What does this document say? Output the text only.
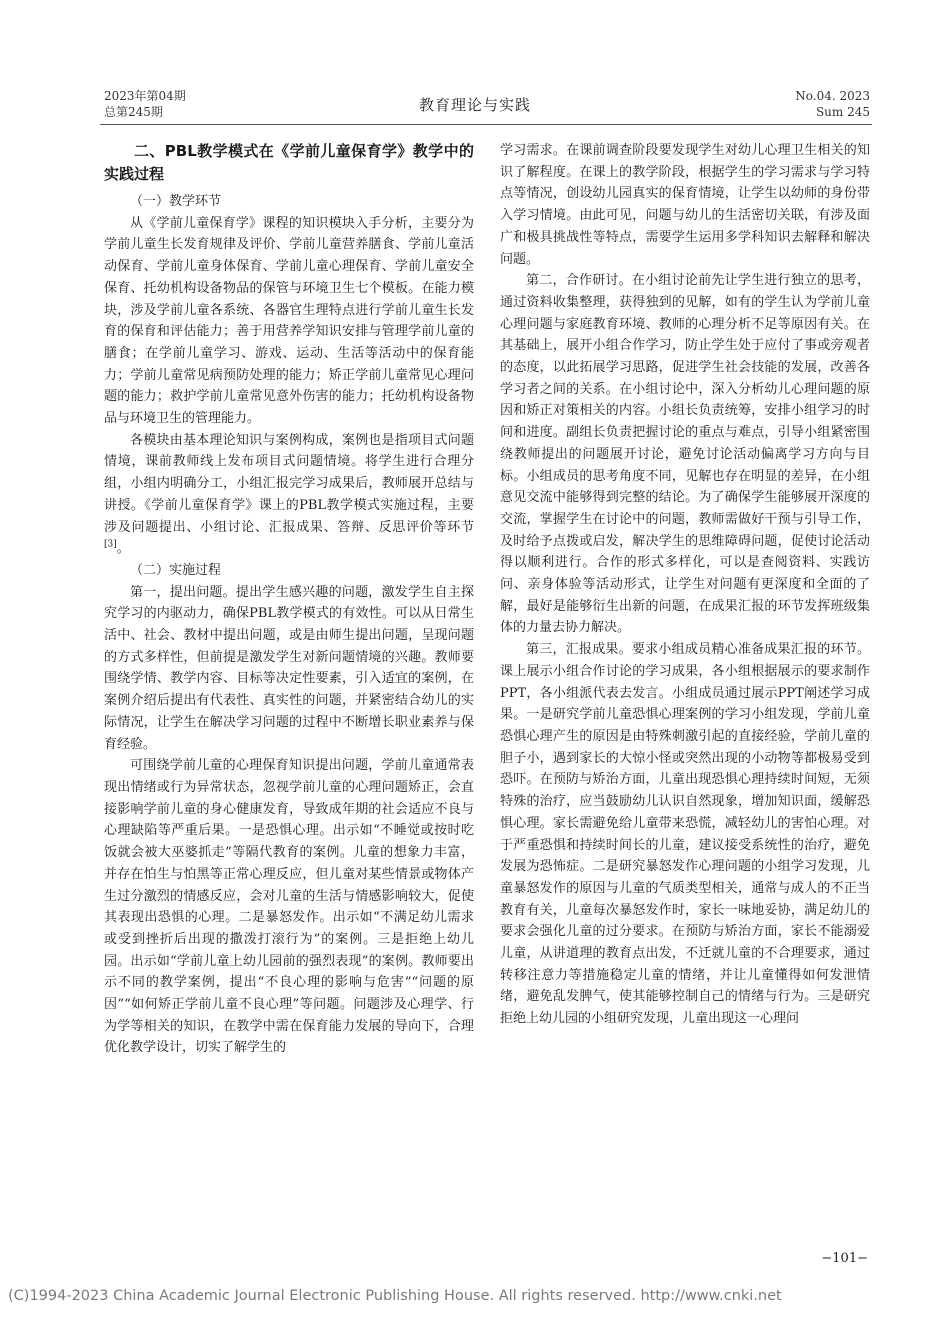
2023年第04期
总第245期	教育理论与实践	No.04. 2023
Sum 245
二、PBL教学模式在《学前儿童保育学》教学中的实践过程

（一）教学环节

从《学前儿童保育学》课程的知识模块入手分析，主要分为学前儿童生长发育规律及评价、学前儿童营养膳食、学前儿童活动保育、学前儿童身体保育、学前儿童心理保育、学前儿童安全保育、托幼机构设备物品的保管与环境卫生七个模板。在能力模块，涉及学前儿童各系统、各器官生理特点进行学前儿童生长发育的保育和评估能力；善于用营养学知识安排与管理学前儿童的膳食；在学前儿童学习、游戏、运动、生活等活动中的保育能力；学前儿童常见病预防处理的能力；矫正学前儿童常见心理问题的能力；救护学前儿童常见意外伤害的能力；托幼机构设备物品与环境卫生的管理能力。

各模块由基本理论知识与案例构成，案例也是指项目式问题情境，课前教师线上发布项目式问题情境。将学生进行合理分组，小组内明确分工，小组汇报完学习成果后，教师展开总结与讲授。《学前儿童保育学》课上的PBL教学模式实施过程，主要涉及问题提出、小组讨论、汇报成果、答辩、反思评价等环节[3]。

（二）实施过程

第一，提出问题。提出学生感兴趣的问题，激发学生自主探究学习的内驱动力，确保PBL教学模式的有效性。可以从日常生活中、社会、教材中提出问题，或是由师生提出问题，呈现问题的方式多样性，但前提是激发学生对新问题情境的兴趣。教师要围绕学情、教学内容、目标等决定性要素，引入适宜的案例，在案例介绍后提出有代表性、真实性的问题，并紧密结合幼儿的实际情况，让学生在解决学习问题的过程中不断增长职业素养与保育经验。

可围绕学前儿童的心理保育知识提出问题，学前儿童通常表现出情绪或行为异常状态，忽视学前儿童的心理问题矫正，会直接影响学前儿童的身心健康发育，导致成年期的社会适应不良与心理缺陷等严重后果。一是恐惧心理。出示如“不睡觉或按时吃饭就会被大巫婆抓走”等隔代教育的案例。儿童的想象力丰富，并存在怕生与怕黑等正常心理反应，但儿童对某些情景或物体产生过分激烈的情感反应，会对儿童的生活与情感影响较大，促使其表现出恐惧的心理。二是暴怒发作。出示如“不满足幼儿需求或受到挫折后出现的撒泼打滚行为”的案例。三是拒绝上幼儿园。出示如“学前儿童上幼儿园前的强烈表现”的案例。教师要出示不同的教学案例，提出“不良心理的影响与危害”“问题的原因”“如何矫正学前儿童不良心理”等问题。问题涉及心理学、行为学等相关的知识，在教学中需在保育能力发展的导向下，合理优化教学设计，切实了解学生的

学习需求。在课前调查阶段要发现学生对幼儿心理卫生相关的知识了解程度。在课上的教学阶段，根据学生的学习需求与学习特点等情况，创设幼儿园真实的保育情境，让学生以幼师的身份带入学习情境。由此可见，问题与幼儿的生活密切关联，有涉及面广和极具挑战性等特点，需要学生运用多学科知识去解释和解决问题。

第二，合作研讨。在小组讨论前先让学生进行独立的思考，通过资料收集整理，获得独到的见解，如有的学生认为学前儿童心理问题与家庭教育环境、教师的心理分析不足等原因有关。在其基础上，展开小组合作学习，防止学生处于应付了事或旁观者的态度，以此拓展学习思路，促进学生社会技能的发展，改善各学习者之间的关系。在小组讨论中，深入分析幼儿心理问题的原因和矫正对策相关的内容。小组长负责统筹，安排小组学习的时间和进度。副组长负责把握讨论的重点与难点，引导小组紧密围绕教师提出的问题展开讨论，避免讨论活动偏离学习方向与目标。小组成员的思考角度不同，见解也存在明显的差异，在小组意见交流中能够得到完整的结论。为了确保学生能够展开深度的交流，掌握学生在讨论中的问题，教师需做好干预与引导工作，及时给予点拨或启发，解决学生的思维障碍问题，促使讨论活动得以顺利进行。合作的形式多样化，可以是查阅资料、实践访问、亲身体验等活动形式，让学生对问题有更深度和全面的了解，最好是能够衍生出新的问题，在成果汇报的环节发挥班级集体的力量去协力解决。

第三，汇报成果。要求小组成员精心准备成果汇报的环节。课上展示小组合作讨论的学习成果，各小组根据展示的要求制作PPT，各小组派代表去发言。小组成员通过展示PPT阐述学习成果。一是研究学前儿童恐惧心理案例的学习小组发现，学前儿童恐惧心理产生的原因是由特殊刺激引起的直接经验，学前儿童的胆子小，遇到家长的大惊小怪或突然出现的小动物等都极易受到恐吓。在预防与矫治方面，儿童出现恐惧心理持续时间短，无须特殊的治疗，应当鼓励幼儿认识自然现象，增加知识面，缓解恐惧心理。家长需避免给儿童带来恐慌，减轻幼儿的害怕心理。对于严重恐惧和持续时间长的儿童，建议接受系统性的治疗，避免发展为恐怖症。二是研究暴怒发作心理问题的小组学习发现，儿童暴怒发作的原因与儿童的气质类型相关，通常与成人的不正当教育有关，儿童每次暴怒发作时，家长一味地妥协，满足幼儿的要求会强化儿童的过分要求。在预防与矫治方面，家长不能溺爱儿童，从讲道理的教育点出发，不迁就儿童的不合理要求，通过转移注意力等措施稳定儿童的情绪，并让儿童懂得如何发泄情绪，避免乱发脾气，使其能够控制自己的情绪与行为。三是研究拒绝上幼儿园的小组研究发现，儿童出现这一心理问

−101−
(C)1994-2023 China Academic Journal Electronic Publishing House. All rights reserved. http://www.cnki.net
